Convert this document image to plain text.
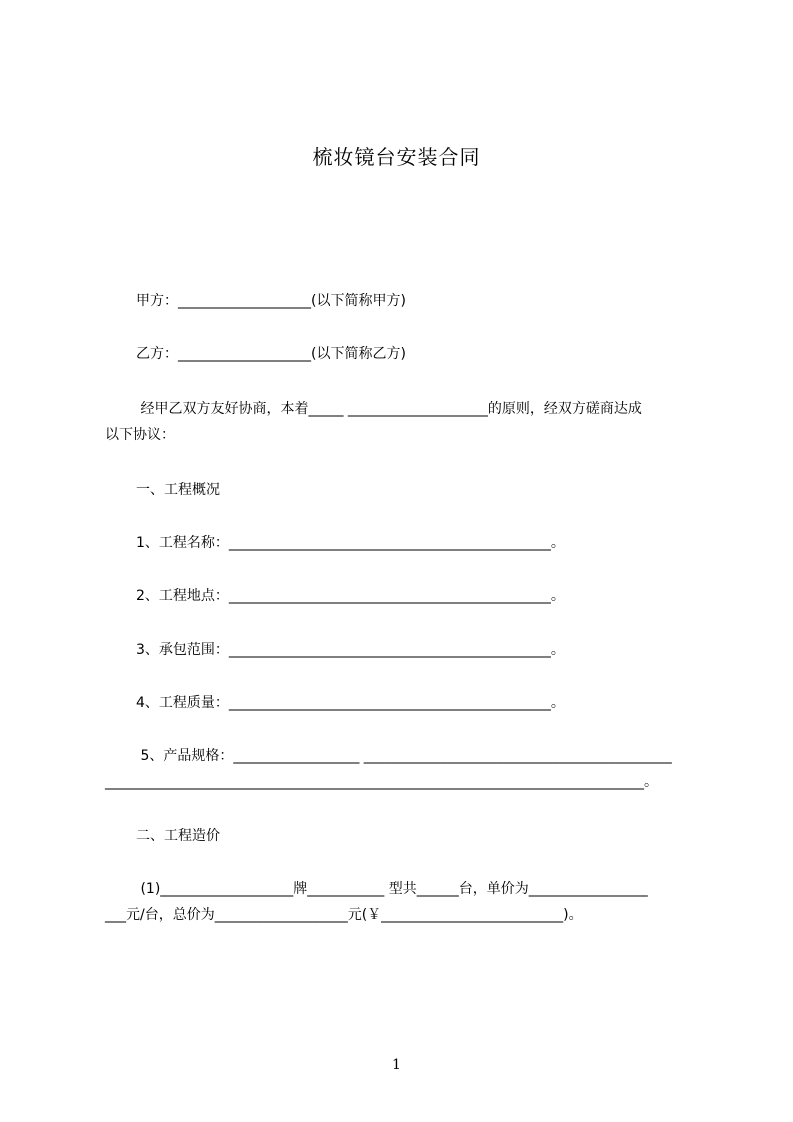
梳妆镜台安装合同
甲方：___________________(以下简称甲方)
乙方：___________________(以下简称乙方)
经甲乙双方友好协商，本着_____ ____________________的原则，经双方磋商达成
以下协议：
一、工程概况
1、工程名称：______________________________________________。
2、工程地点：______________________________________________。
3、承包范围：______________________________________________。
4、工程质量：______________________________________________。
5、产品规格：__________________ ____________________________________________
_____________________________________________________________________________。
二、工程造价
(1)___________________牌___________ 型共______台，单价为_________________
___元/台，总价为___________________元(￥__________________________)。
1
